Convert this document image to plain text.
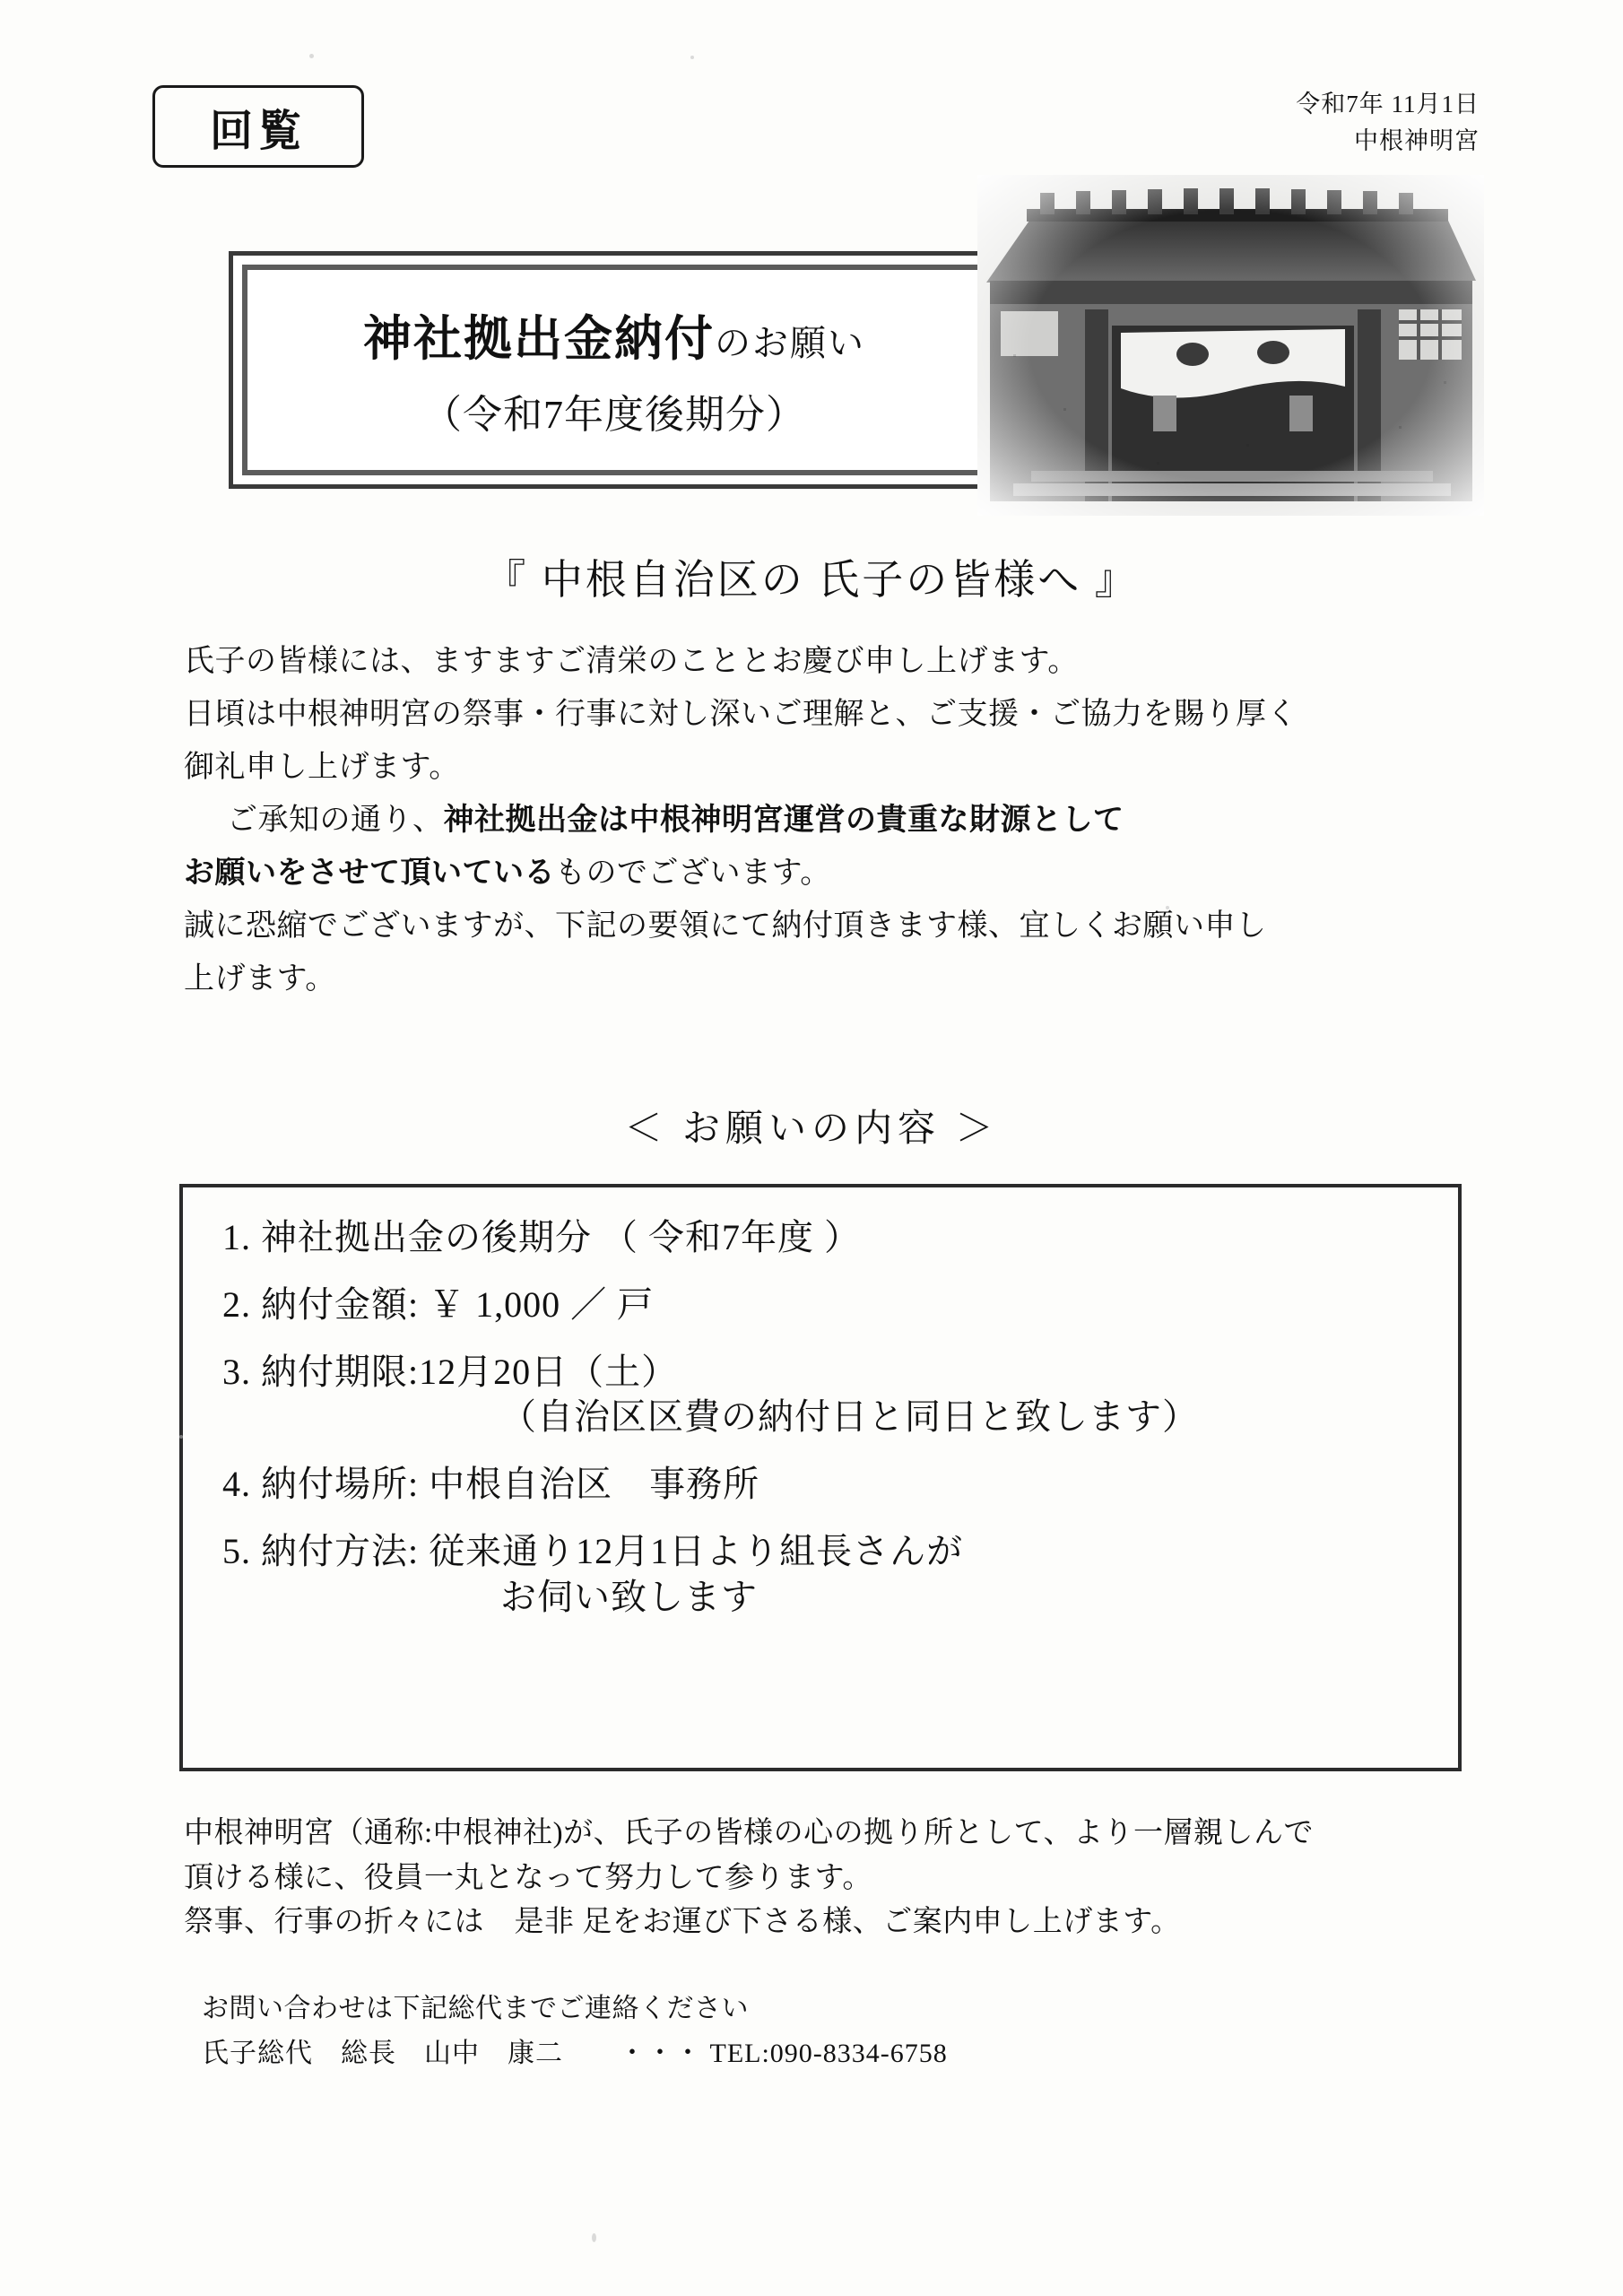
回覧
令和7年 11月1日
中根神明宮
神社拠出金納付のお願い
（令和7年度後期分）
『 中根自治区の 氏子の皆様へ 』

氏子の皆様には、ますますご清栄のこととお慶び申し上げます。

日頃は中根神明宮の祭事・行事に対し深いご理解と、ご支援・ご協力を賜り厚く

御礼申し上げます。

ご承知の通り、神社拠出金は中根神明宮運営の貴重な財源として

お願いをさせて頂いているものでございます。

誠に恐縮でございますが、下記の要領にて納付頂きます様、宜しくお願い申し

上げます。

＜ お願いの内容 ＞
1. 神社拠出金の後期分 （ 令和7年度 ）
2. 納付金額: ￥ 1,000 ／ 戸
3. 納付期限:12月20日（土）
（自治区区費の納付日と同日と致します）
4. 納付場所: 中根自治区　事務所
5. 納付方法: 従来通り12月1日より組長さんが
お伺い致します

中根神明宮（通称:中根神社)が、氏子の皆様の心の拠り所として、より一層親しんで

頂ける様に、役員一丸となって努力して参ります。

祭事、行事の折々には　是非 足をお運び下さる様、ご案内申し上げます。

お問い合わせは下記総代までご連絡ください

氏子総代　総長　山中　康二　　・・・ TEL:090-8334-6758
